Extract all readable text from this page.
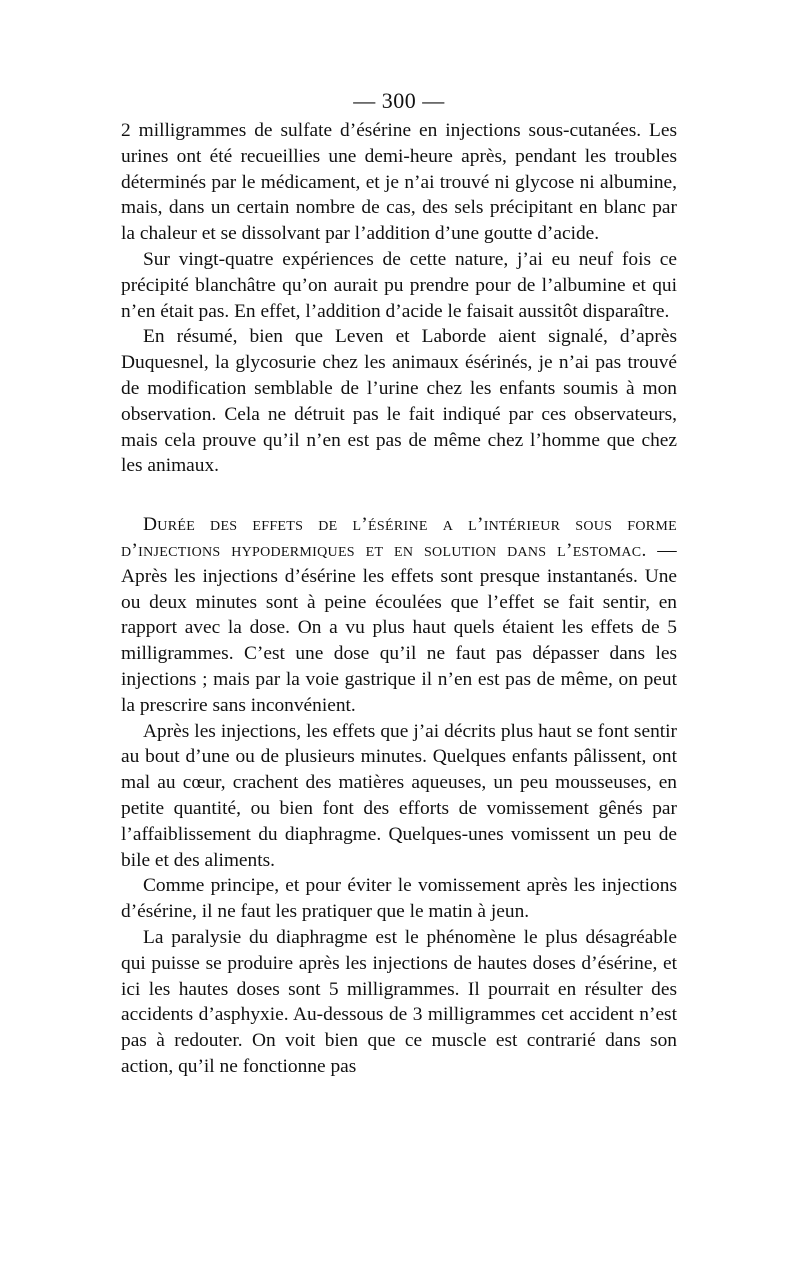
— 300 —

2 milligrammes de sulfate d’ésérine en injections sous-cutanées. Les urines ont été recueillies une demi-heure après, pendant les troubles déterminés par le médicament, et je n’ai trouvé ni glycose ni albumine, mais, dans un certain nombre de cas, des sels précipitant en blanc par la chaleur et se dissolvant par l’addition d’une goutte d’acide.

Sur vingt-quatre expériences de cette nature, j’ai eu neuf fois ce précipité blanchâtre qu’on aurait pu prendre pour de l’albumine et qui n’en était pas. En effet, l’addition d’acide le faisait aussitôt disparaître.

En résumé, bien que Leven et Laborde aient signalé, d’après Duquesnel, la glycosurie chez les animaux ésérinés, je n’ai pas trouvé de modification semblable de l’urine chez les enfants soumis à mon observation. Cela ne détruit pas le fait indiqué par ces observateurs, mais cela prouve qu’il n’en est pas de même chez l’homme que chez les animaux.

Durée des effets de l’ésérine a l’intérieur sous forme d’injections hypodermiques et en solution dans l’estomac. — Après les injections d’ésérine les effets sont presque instantanés. Une ou deux minutes sont à peine écoulées que l’effet se fait sentir, en rapport avec la dose. On a vu plus haut quels étaient les effets de 5 milligrammes. C’est une dose qu’il ne faut pas dépasser dans les injections ; mais par la voie gastrique il n’en est pas de même, on peut la prescrire sans inconvénient.

Après les injections, les effets que j’ai décrits plus haut se font sentir au bout d’une ou de plusieurs minutes. Quelques enfants pâlissent, ont mal au cœur, crachent des matières aqueuses, un peu mousseuses, en petite quantité, ou bien font des efforts de vomissement gênés par l’affaiblissement du diaphragme. Quelques-unes vomissent un peu de bile et des aliments.

Comme principe, et pour éviter le vomissement après les injections d’ésérine, il ne faut les pratiquer que le matin à jeun.

La paralysie du diaphragme est le phénomène le plus désagréable qui puisse se produire après les injections de hautes doses d’ésérine, et ici les hautes doses sont 5 milligrammes. Il pourrait en résulter des accidents d’asphyxie. Au-dessous de 3 milligrammes cet accident n’est pas à redouter. On voit bien que ce muscle est contrarié dans son action, qu’il ne fonctionne pas
